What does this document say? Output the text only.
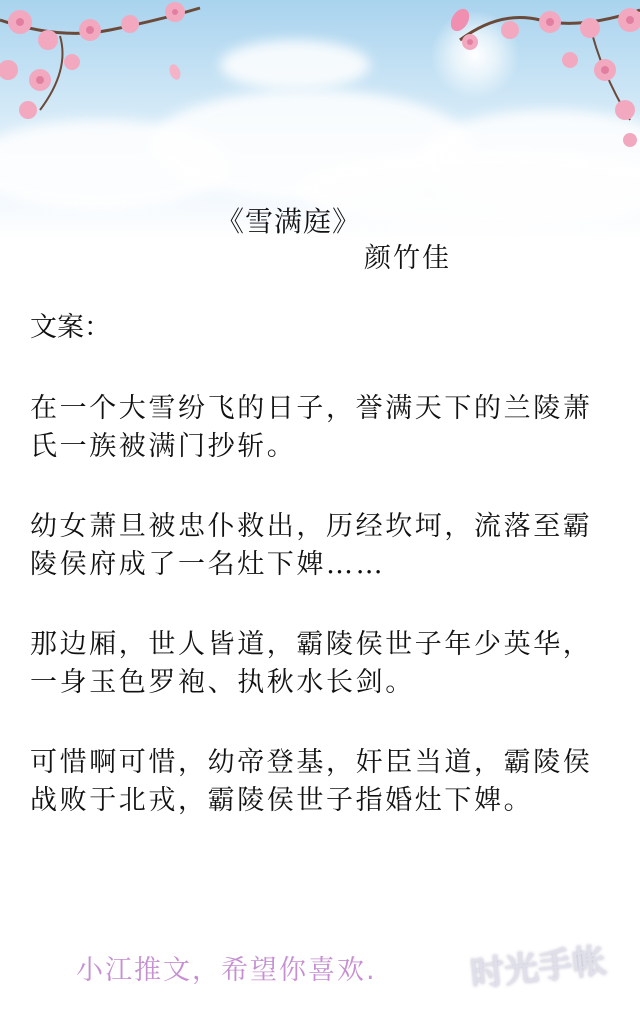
《雪满庭》
颜竹佳

文案：

在一个大雪纷飞的日子，誉满天下的兰陵萧氏一族被满门抄斩。

幼女萧旦被忠仆救出，历经坎坷，流落至霸陵侯府成了一名灶下婢……

那边厢，世人皆道，霸陵侯世子年少英华，一身玉色罗袍、执秋水长剑。

可惜啊可惜，幼帝登基，奸臣当道，霸陵侯战败于北戎，霸陵侯世子指婚灶下婢。

小江推文，希望你喜欢.	时光手帐
